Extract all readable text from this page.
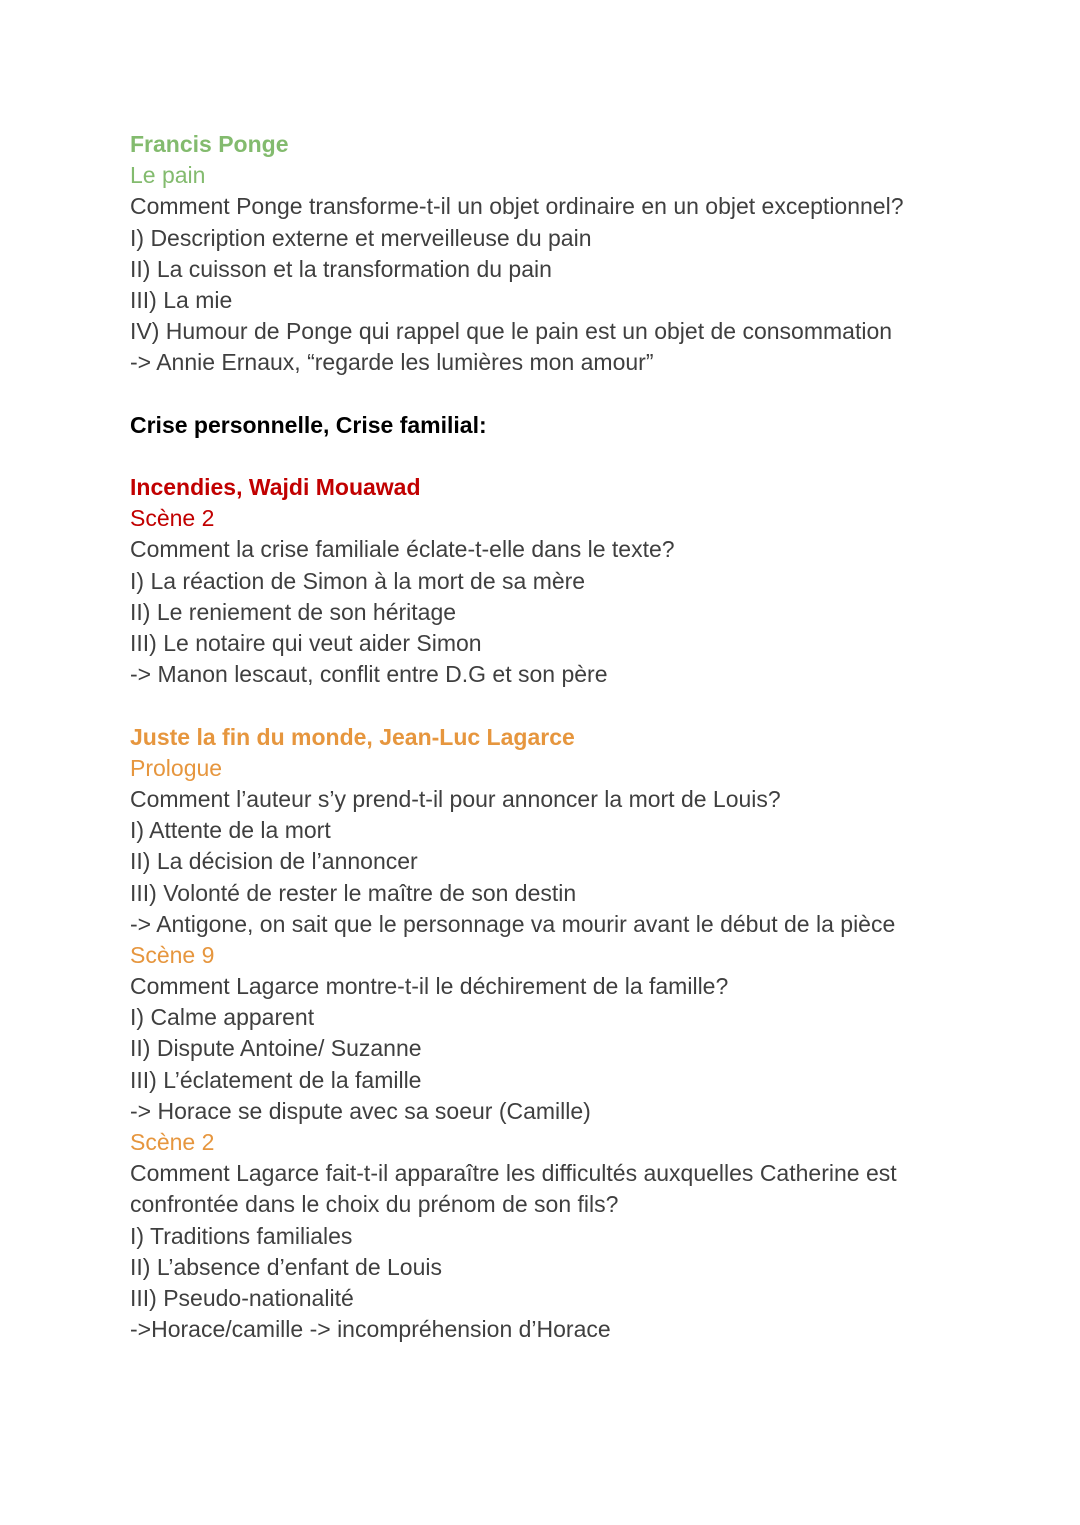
Francis Ponge
Le pain
Comment Ponge transforme-t-il un objet ordinaire en un objet exceptionnel?
I) Description externe et merveilleuse du pain
II) La cuisson et la transformation du pain
III) La mie
IV) Humour de Ponge qui rappel que le pain est un objet de consommation
-> Annie Ernaux, “regarde les lumières mon amour”
Crise personnelle, Crise familial:
Incendies, Wajdi Mouawad
Scène 2
Comment la crise familiale éclate-t-elle dans le texte?
I) La réaction de Simon à la mort de sa mère
II) Le reniement de son héritage
III) Le notaire qui veut aider Simon
-> Manon lescaut, conflit entre D.G et son père
Juste la fin du monde, Jean-Luc Lagarce
Prologue
Comment l’auteur s’y prend-t-il pour annoncer la mort de Louis?
I) Attente de la mort
II) La décision de l’annoncer
III) Volonté de rester le maître de son destin
-> Antigone, on sait que le personnage va mourir avant le début de la pièce
Scène 9
Comment Lagarce montre-t-il le déchirement de la famille?
I) Calme apparent
II) Dispute Antoine/ Suzanne
III) L’éclatement de la famille
-> Horace se dispute avec sa soeur (Camille)
Scène 2
Comment Lagarce fait-t-il apparaître les difficultés auxquelles Catherine est confrontée dans le choix du prénom de son fils?
I) Traditions familiales
II) L’absence d’enfant de Louis
III) Pseudo-nationalité
->Horace/camille -> incompréhension d’Horace
